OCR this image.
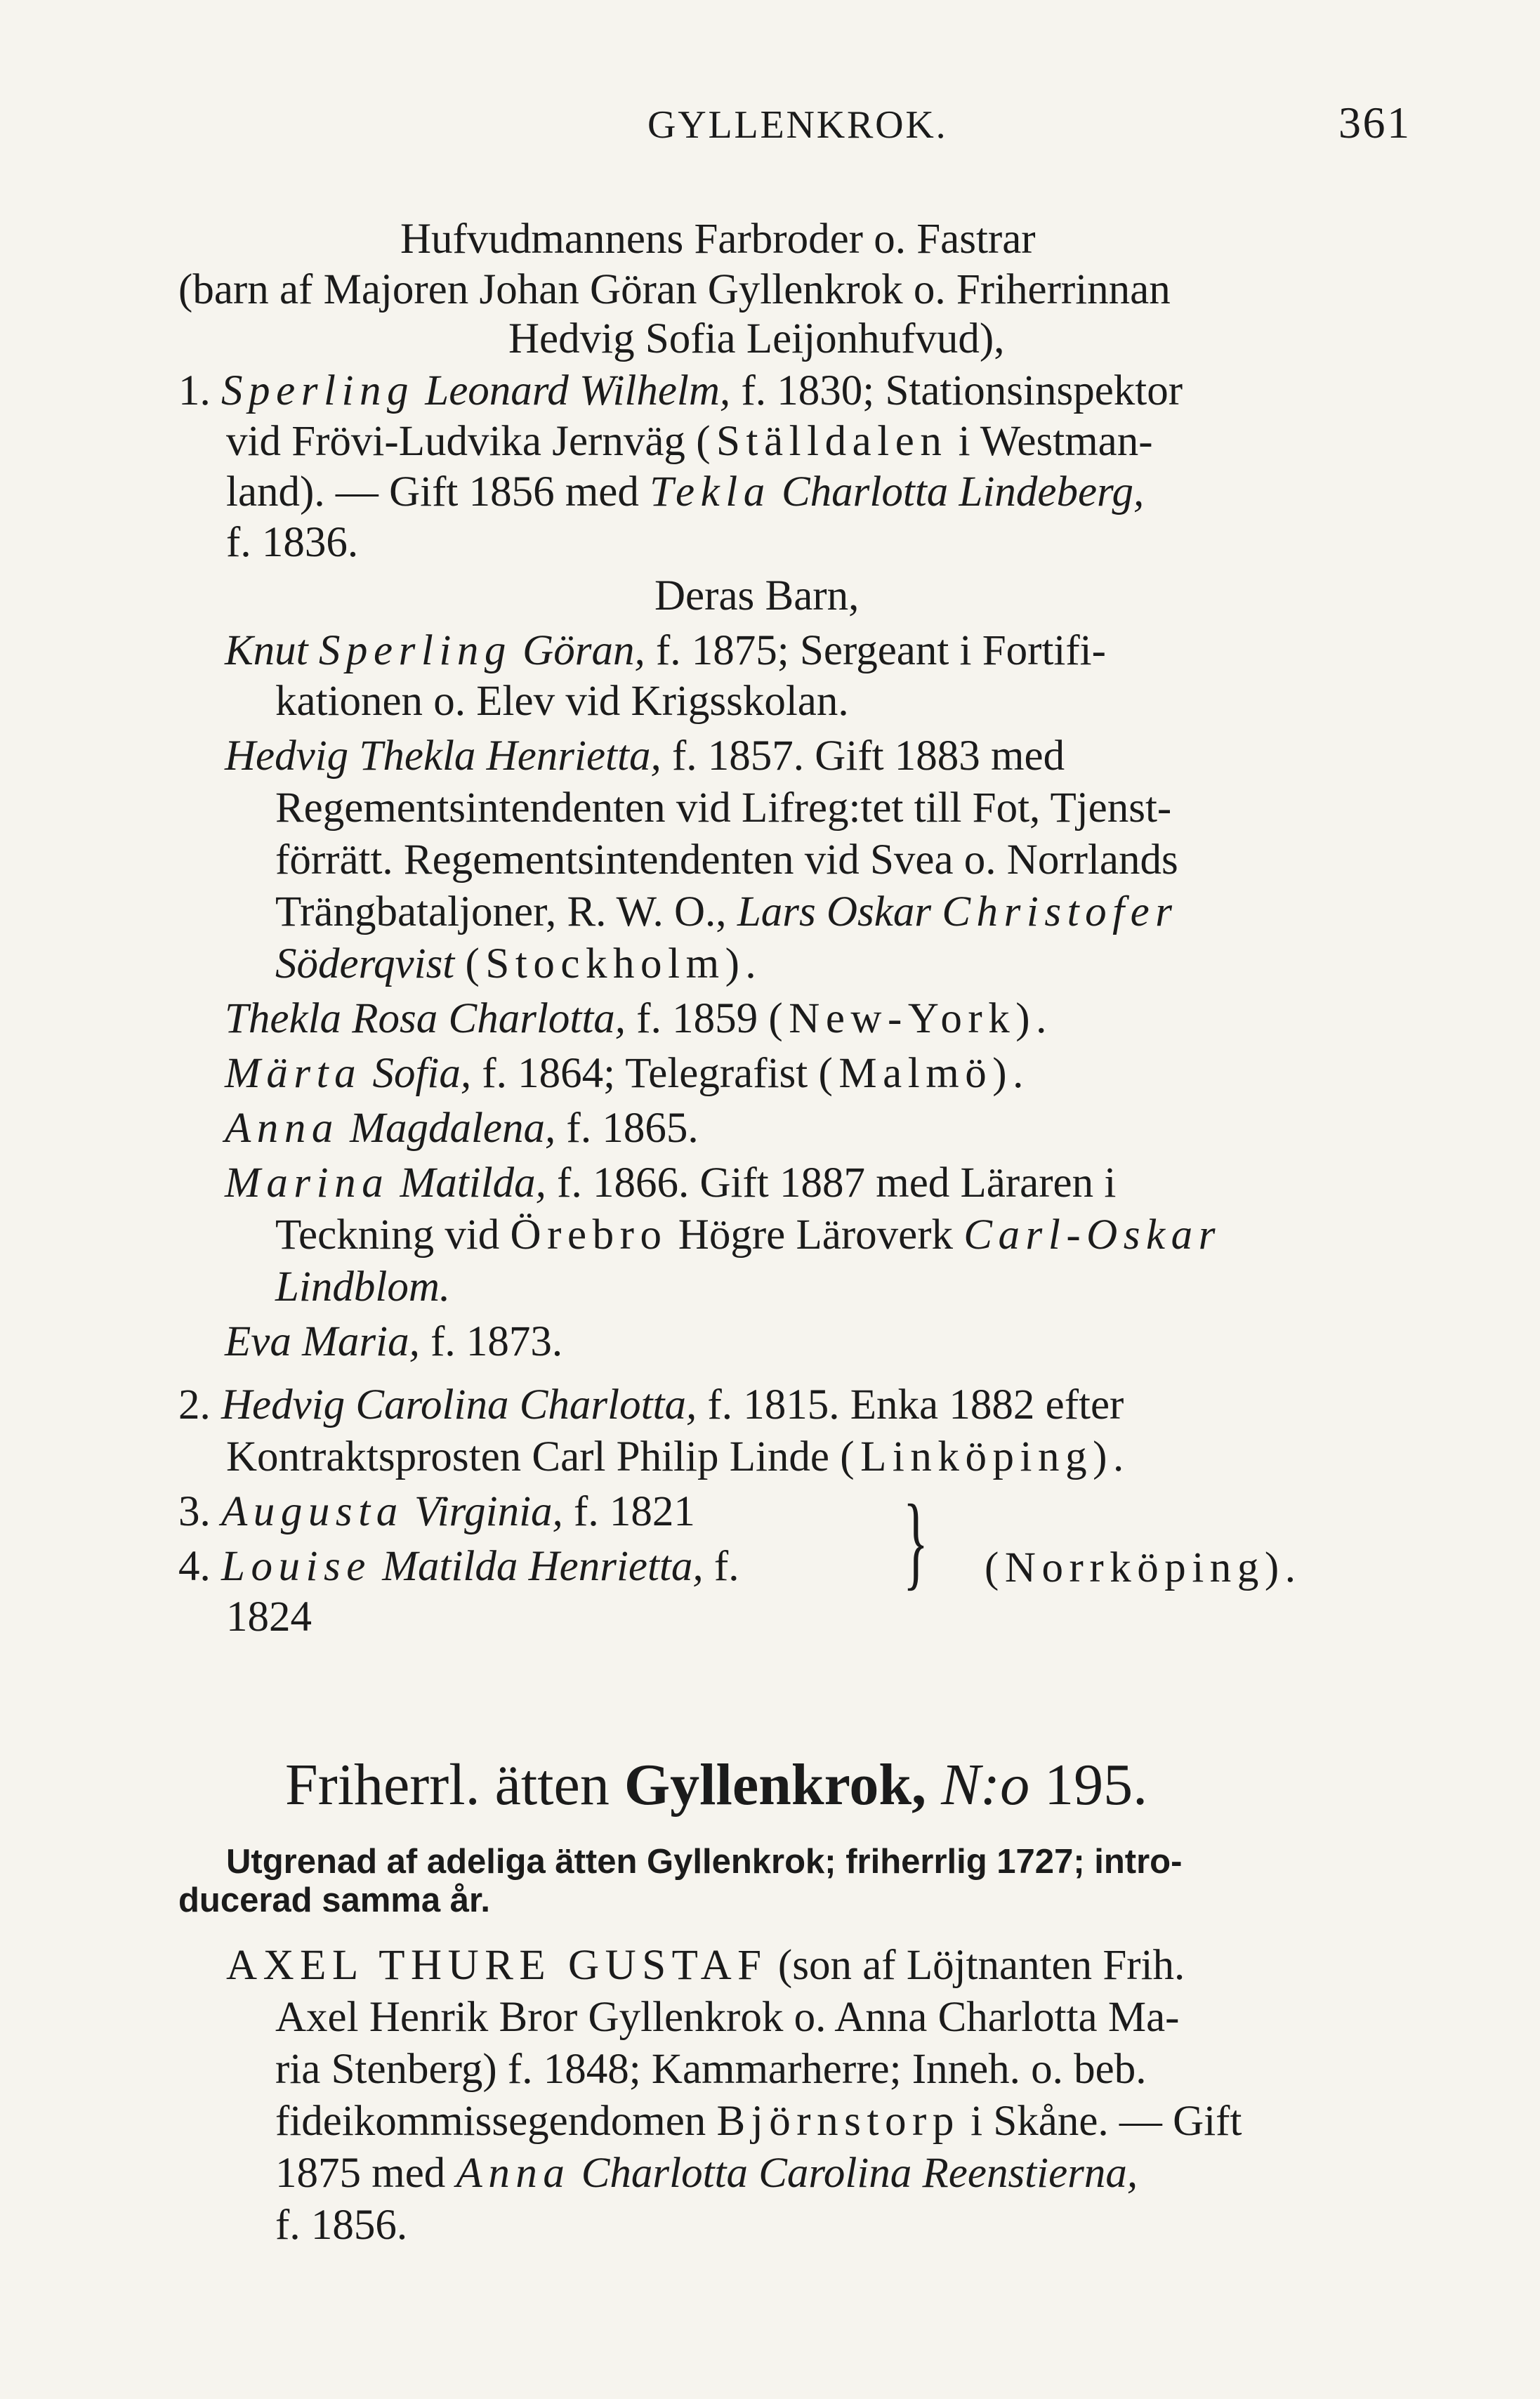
GYLLENKROK.	361
Hufvudmannens Farbroder o. Fastrar
(barn af Majoren Johan Göran Gyllenkrok o. Friherrinnan
Hedvig Sofia Leijonhufvud),
1. Sperling Leonard Wilhelm, f. 1830; Stationsinspektor
vid Frövi-Ludvika Jernväg (Ställdalen i Westman-
land). — Gift 1856 med Tekla Charlotta Lindeberg,
f. 1836.
Deras Barn,
Knut Sperling Göran, f. 1875; Sergeant i Fortifi-
kationen o. Elev vid Krigsskolan.
Hedvig Thekla Henrietta, f. 1857. Gift 1883 med
Regementsintendenten vid Lifreg:tet till Fot, Tjenst-
förrätt. Regementsintendenten vid Svea o. Norrlands
Trängbataljoner, R. W. O., Lars Oskar Christofer
Söderqvist (Stockholm).
Thekla Rosa Charlotta, f. 1859 (New-York).
Märta Sofia, f. 1864; Telegrafist (Malmö).
Anna Magdalena, f. 1865.
Marina Matilda, f. 1866. Gift 1887 med Läraren i
Teckning vid Örebro Högre Läroverk Carl-Oskar
Lindblom.
Eva Maria, f. 1873.
2. Hedvig Carolina Charlotta, f. 1815. Enka 1882 efter
Kontraktsprosten Carl Philip Linde (Linköping).
3. Augusta Virginia, f. 1821
4. Louise Matilda Henrietta, f.
1824
} (Norrköping).
Friherrl. ätten Gyllenkrok, N:o 195.
Utgrenad af adeliga ätten Gyllenkrok; friherrlig 1727; intro-
ducerad samma år.
AXEL THURE GUSTAF (son af Löjtnanten Frih.
Axel Henrik Bror Gyllenkrok o. Anna Charlotta Ma-
ria Stenberg) f. 1848; Kammarherre; Inneh. o. beb.
fideikommissegendomen Björnstorp i Skåne. — Gift
1875 med Anna Charlotta Carolina Reenstierna,
f. 1856.
